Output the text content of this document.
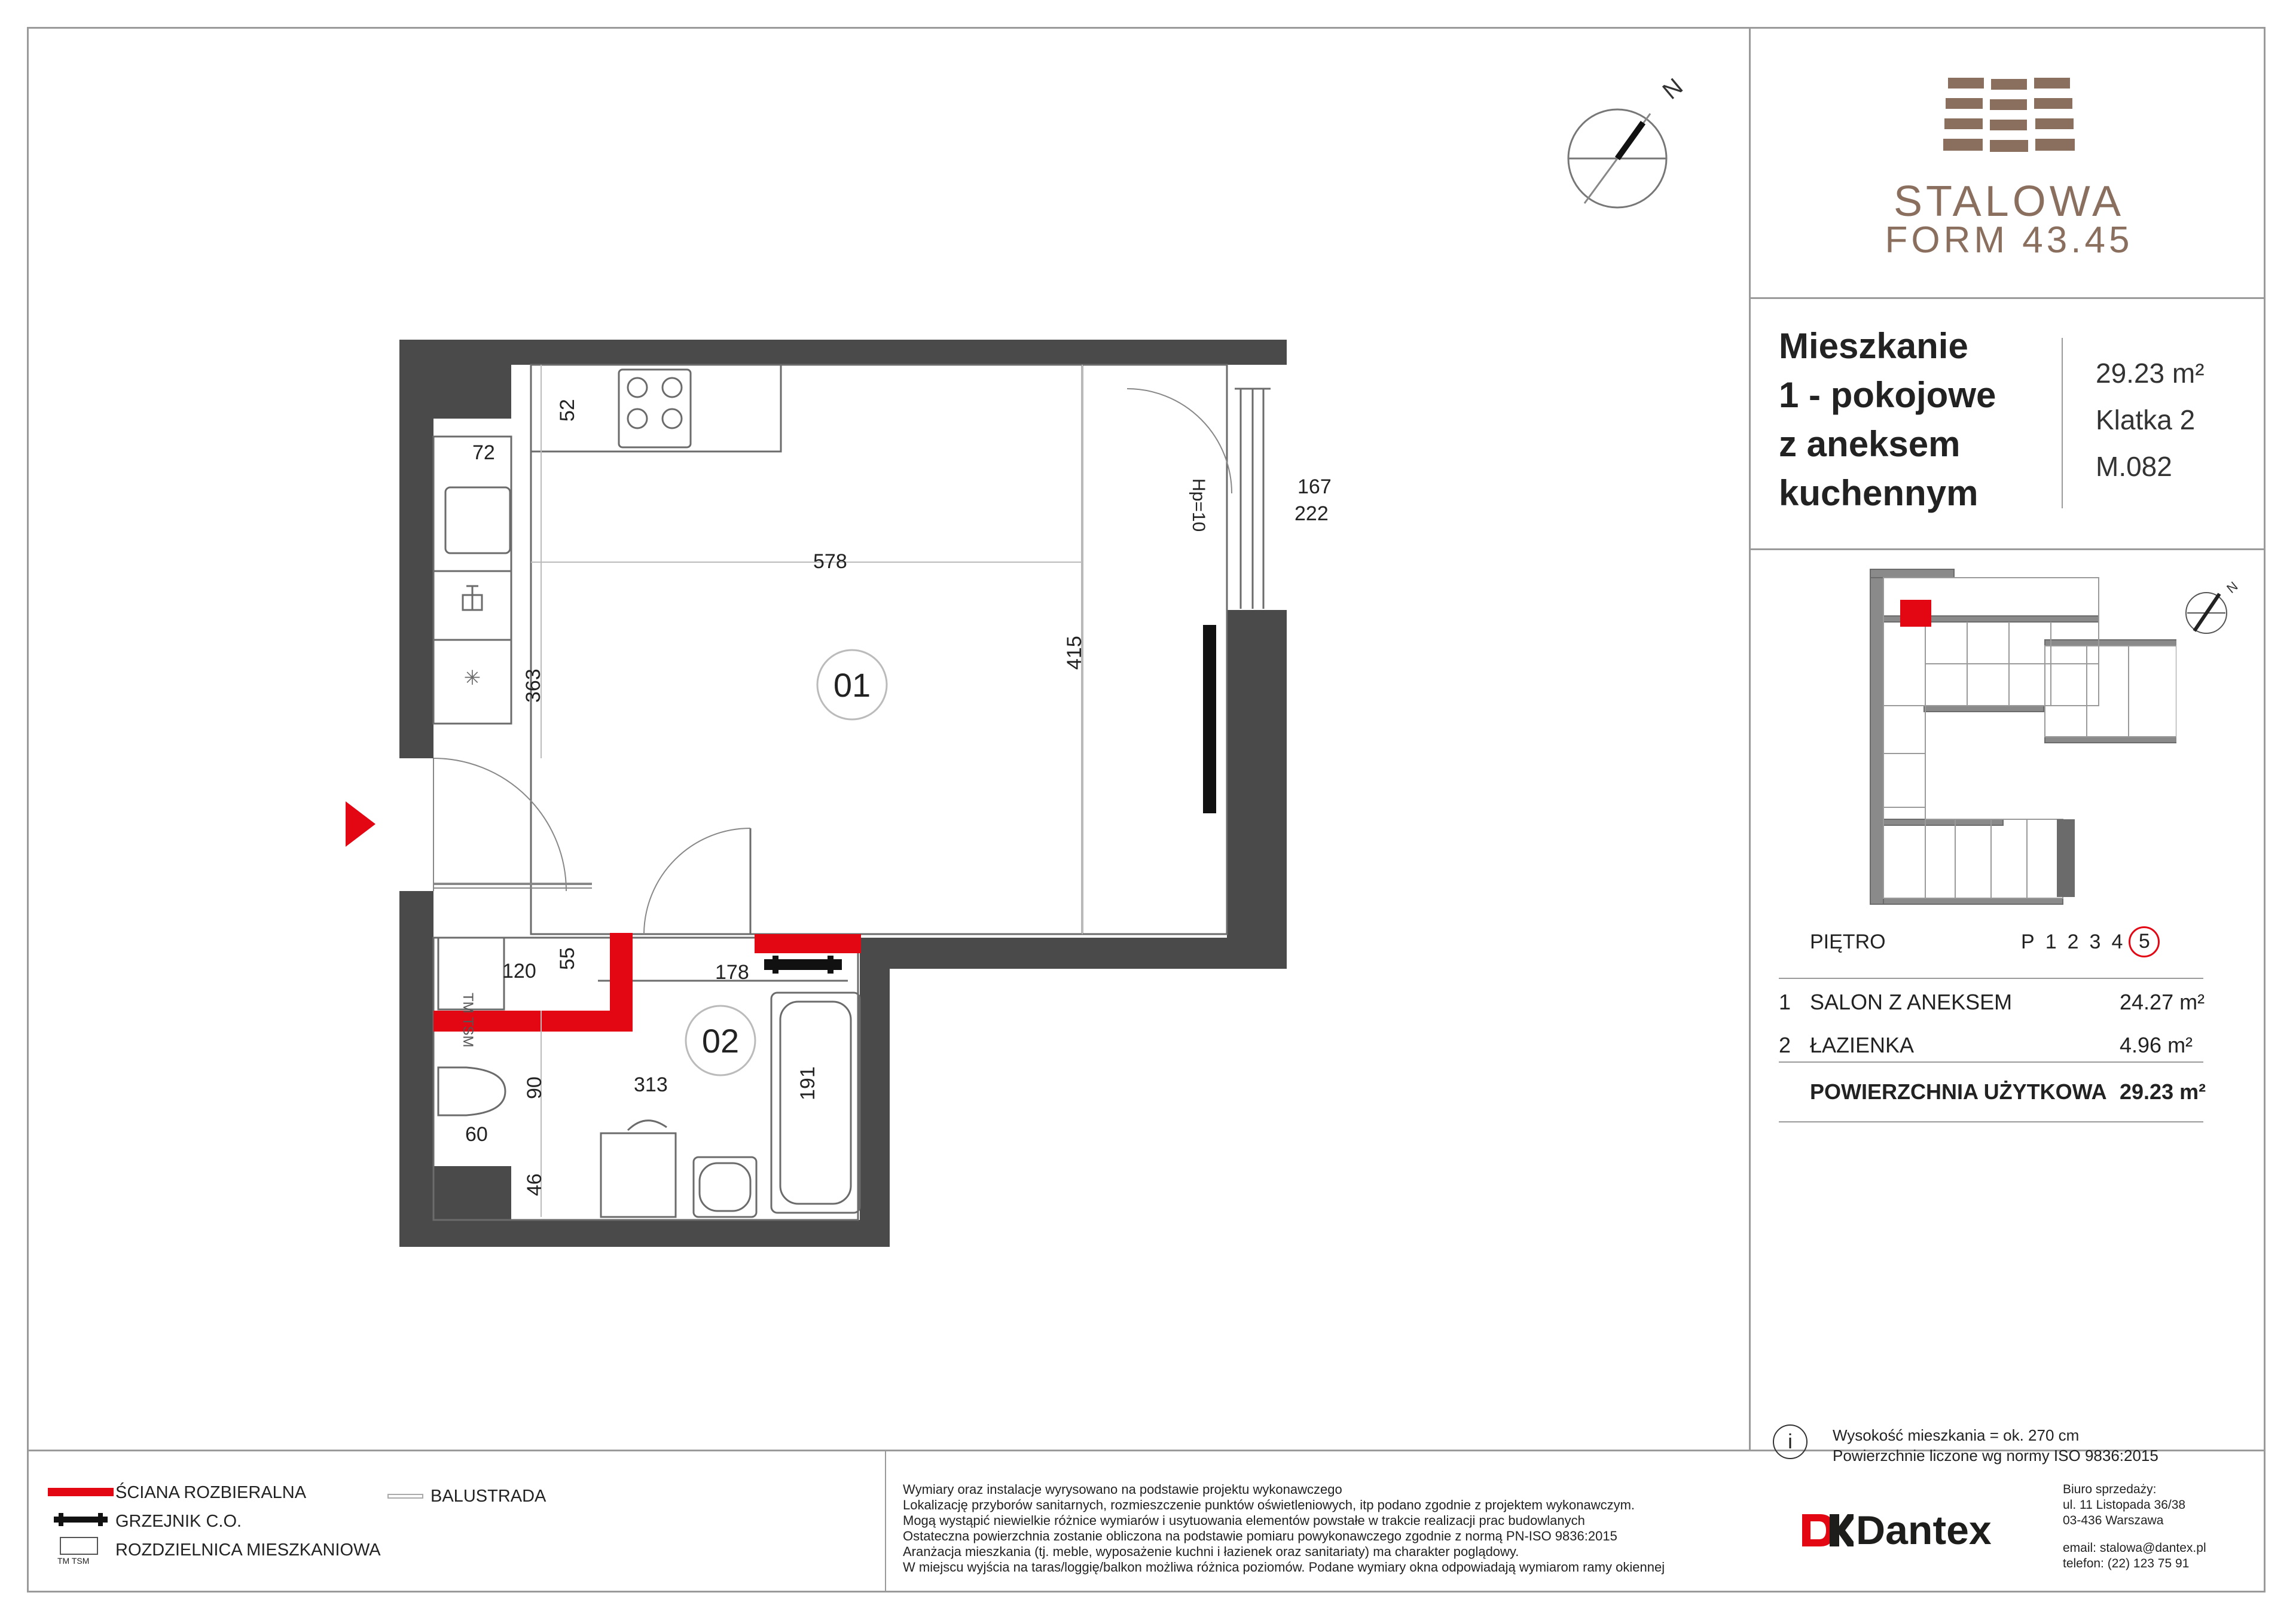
STALOWA
FORM 43.45
Mieszkanie
1 - pokojowe
z aneksem
kuchennym
29.23 m²
Klatka 2
M.082
N
PIĘTRO	P 1 2 3 4 5
1 SALON Z ANEKSEM	24.27 m²
2 ŁAZIENKA	4.96 m²
POWIERZCHNIA UŻYTKOWA 29.23 m²
i	Wysokość mieszkania = ok. 270 cm
Powierzchnie liczone wg normy ISO 9836:2015
✳	01
02
52
72
578
415
363
167
222
120
55
178
90	313	191
60
46
Hp=10
TM TSM
N
ŚCIANA ROZBIERALNA
GRZEJNIK C.O.
TM TSM
ROZDZIELNICA MIESZKANIOWA
BALUSTRADA	Wymiary oraz instalacje wyrysowano na podstawie projektu wykonawczego
Lokalizację przyborów sanitarnych, rozmieszczenie punktów oświetleniowych, itp podano zgodnie z projektem wykonawczym.
Mogą wystąpić niewielkie różnice wymiarów i usytuowania elementów powstałe w trakcie realizacji prac budowlanych
Ostateczna powierzchnia zostanie obliczona na podstawie pomiaru powykonawczego zgodnie z normą PN-ISO 9836:2015
Aranżacja mieszkania (tj. meble, wyposażenie kuchni i łazienek oraz sanitariaty) ma charakter poglądowy.
W miejscu wyjścia na taras/loggię/balkon możliwa różnica poziomów. Podane wymiary okna odpowiadają wymiarom ramy okiennej
Dantex
Biuro sprzedaży:
ul. 11 Listopada 36/38
03-436 Warszawa
email: stalowa@dantex.pl
telefon: (22) 123 75 91
